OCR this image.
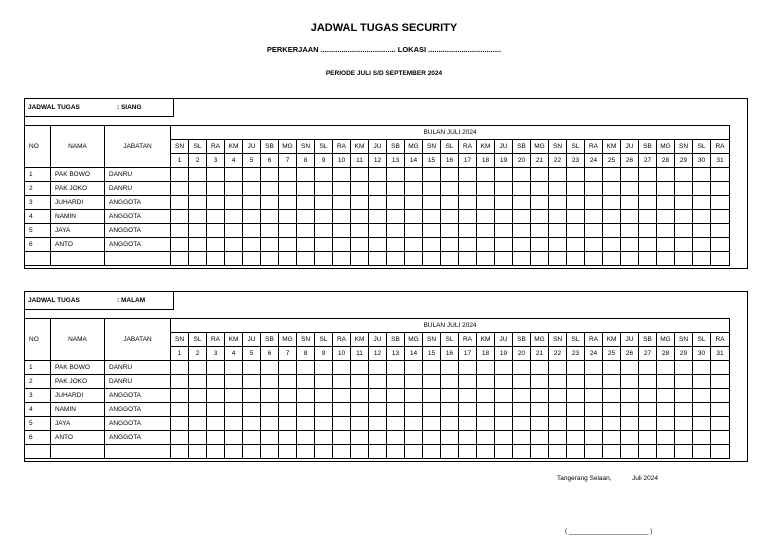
JADWAL TUGAS SECURITY
PERKERJAAN .................................... LOKASI ...................................
PERIODE JULI S/D SEPTEMBER 2024
JADWAL TUGAS	: SIANG
NO	NAMA	JABATAN	BULAN JULI 2024																														
			SN	SL	RA	KM	JU	SB	MG	SN	SL	RA	KM	JU	SB	MG	SN	SL	RA	KM	JU	SB	MG	SN	SL	RA	KM	JU	SB	MG	SN	SL	RA
			1	2	3	4	5	6	7	8	9	10	11	12	13	14	15	16	17	18	19	20	21	22	23	24	25	26	27	28	29	30	31
1	PAK BOWO	DANRU																															
2	PAK JOKO	DANRU																															
3	JUHARDI	ANGGOTA																															
4	NAMIN	ANGGOTA																															
5	JAYA	ANGGOTA																															
6	ANTO	ANGGOTA																															

JADWAL TUGAS	: MALAM
NO	NAMA	JABATAN	BULAN JULI 2024																														
			SN	SL	RA	KM	JU	SB	MG	SN	SL	RA	KM	JU	SB	MG	SN	SL	RA	KM	JU	SB	MG	SN	SL	RA	KM	JU	SB	MG	SN	SL	RA
			1	2	3	4	5	6	7	8	9	10	11	12	13	14	15	16	17	18	19	20	21	22	23	24	25	26	27	28	29	30	31
1	PAK BOWO	DANRU																															
2	PAK JOKO	DANRU																															
3	JUHARDI	ANGGOTA																															
4	NAMIN	ANGGOTA																															
5	JAYA	ANGGOTA																															
6	ANTO	ANGGOTA																															

Tangerang Selaan,	Juli 2024
( ______________________ )
